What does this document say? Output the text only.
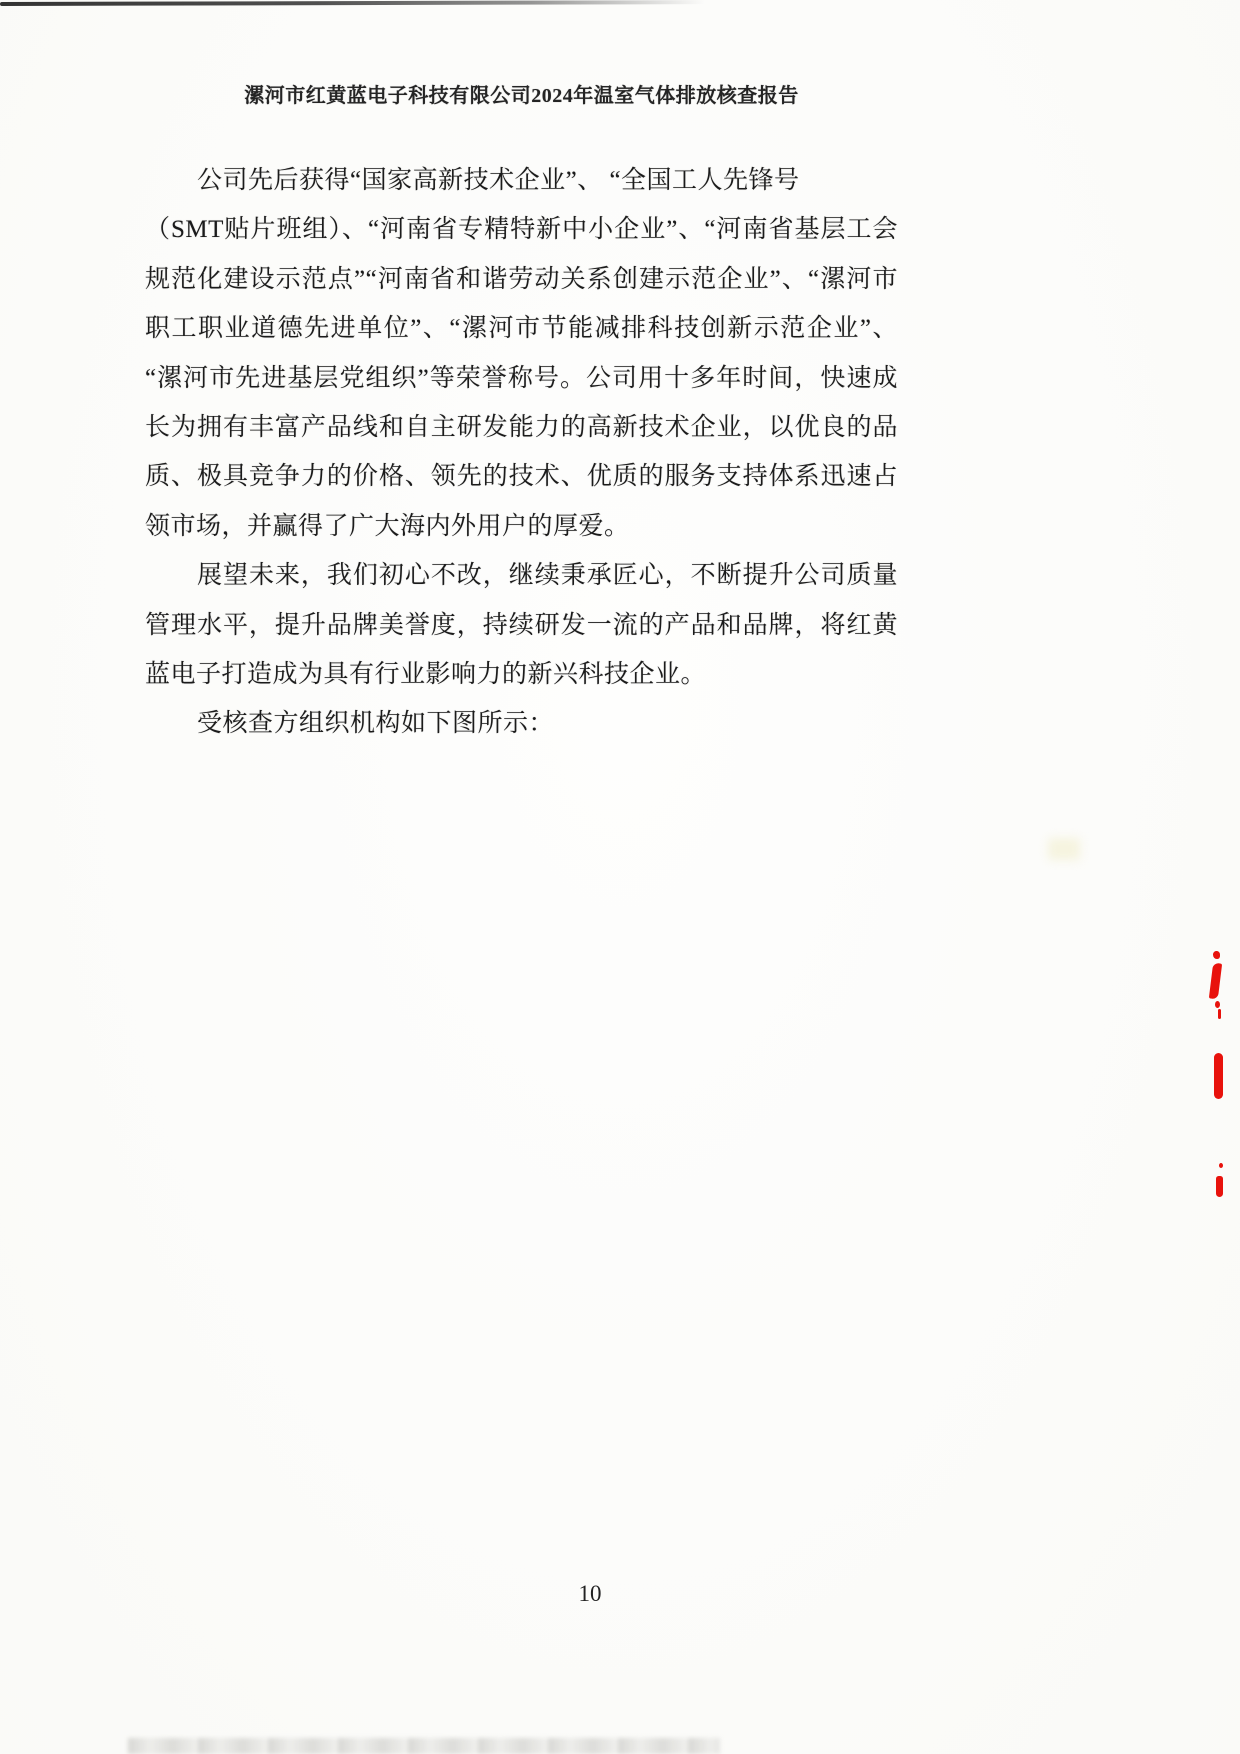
漯河市红黄蓝电子科技有限公司2024年温室气体排放核查报告
公司先后获得“国家高新技术企业”、 “全国工人先锋号
（SMT贴片班组）、“河南省专精特新中小企业”、“河南省基层工会
规范化建设示范点”“河南省和谐劳动关系创建示范企业”、“漯河市
职工职业道德先进单位”、“漯河市节能减排科技创新示范企业”、
“漯河市先进基层党组织”等荣誉称号。公司用十多年时间，快速成
长为拥有丰富产品线和自主研发能力的高新技术企业，以优良的品
质、极具竞争力的价格、领先的技术、优质的服务支持体系迅速占
领市场，并赢得了广大海内外用户的厚爱。
展望未来，我们初心不改，继续秉承匠心，不断提升公司质量
管理水平，提升品牌美誉度，持续研发一流的产品和品牌，将红黄
蓝电子打造成为具有行业影响力的新兴科技企业。
受核查方组织机构如下图所示：
10
